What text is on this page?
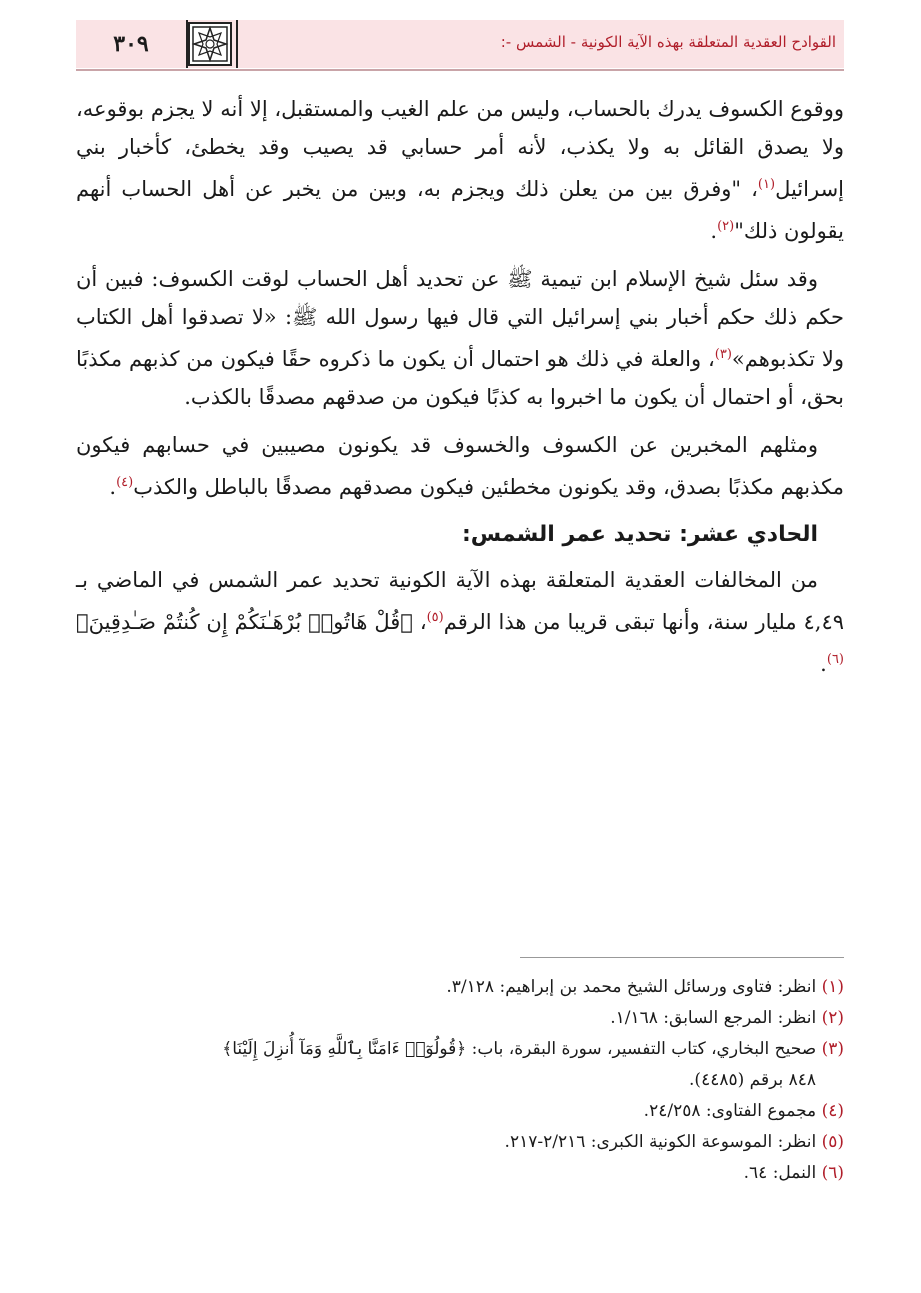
القوادح العقدية المتعلقة بهذه الآية الكونية - الشمس -:
٣٠٩

ووقوع الكسوف يدرك بالحساب، وليس من علم الغيب والمستقبل، إلا أنه لا يجزم بوقوعه، ولا يصدق القائل به ولا يكذب، لأنه أمر حسابي قد يصيب وقد يخطئ، كأخبار بني إسرائيل$^{(١)}$، "وفرق بين من يعلن ذلك ويجزم به، وبين من يخبر عن أهل الحساب أنهم يقولون ذلك"$^{(٢)}$.

وقد سئل شيخ الإسلام ابن تيمية ﷺ عن تحديد أهل الحساب لوقت الكسوف: فبين أن حكم ذلك حكم أخبار بني إسرائيل التي قال فيها رسول الله ﷺ: «لا تصدقوا أهل الكتاب ولا تكذبوهم»$^{(٣)}$، والعلة في ذلك هو احتمال أن يكون ما ذكروه حقًا فيكون من كذبهم مكذبًا بحق، أو احتمال أن يكون ما اخبروا به كذبًا فيكون من صدقهم مصدقًا بالكذب.

ومثلهم المخبرين عن الكسوف والخسوف قد يكونون مصيبين في حسابهم فيكون مكذبهم مكذبًا بصدق، وقد يكونون مخطئين فيكون مصدقهم مصدقًا بالباطل والكذب$^{(٤)}$.

الحادي عشر: تحديد عمر الشمس:

من المخالفات العقدية المتعلقة بهذه الآية الكونية تحديد عمر الشمس في الماضي بـ ٤,٤٩ مليار سنة، وأنها تبقى قريبا من هذا الرقم$^{(٥)}$، ﴿قُلْ هَاتُوا۟ بُرْهَـٰنَكُمْ إِن كُنتُمْ صَـٰدِقِينَ﴾$^{(٦)}$.

(١) انظر: فتاوى ورسائل الشيخ محمد بن إبراهيم: ٣/١٢٨.
(٢) انظر: المرجع السابق: ١/١٦٨.
(٣) صحيح البخاري، كتاب التفسير، سورة البقرة، باب: ﴿قُولُوٓا۟ ءَامَنَّا بِٱللَّهِ وَمَآ أُنزِلَ إِلَيْنَا﴾
٨٤٨ برقم (٤٤٨٥).
(٤) مجموع الفتاوى: ٢٤/٢٥٨.
(٥) انظر: الموسوعة الكونية الكبرى: ٢/٢١٦-٢١٧.
(٦) النمل: ٦٤.
